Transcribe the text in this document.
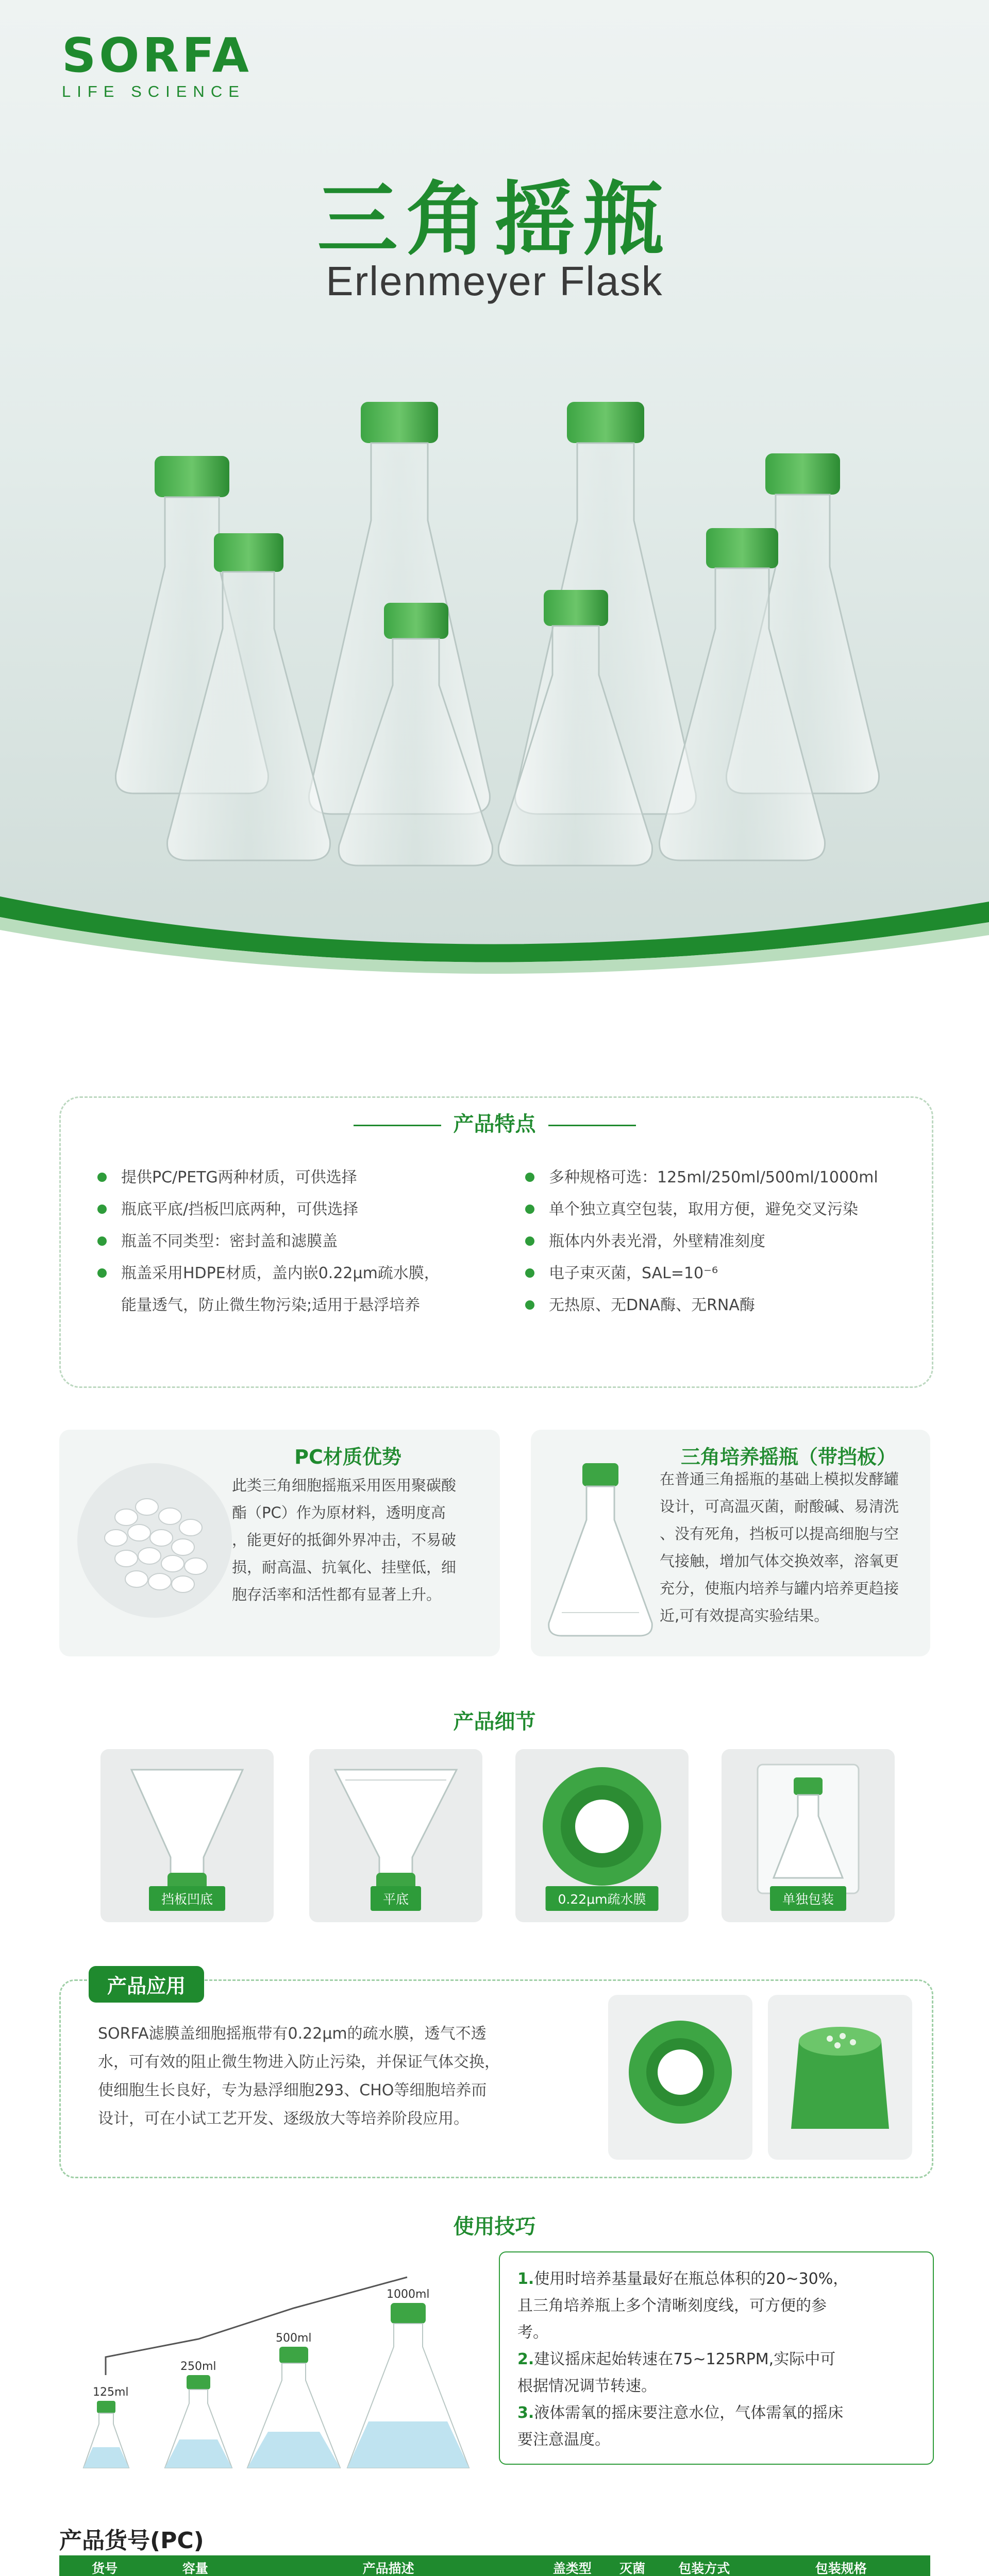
SORFA
LIFE SCIENCE
三角摇瓶
Erlenmeyer Flask
产品特点
提供PC/PETG两种材质，可供选择
瓶底平底/挡板凹底两种，可供选择
瓶盖不同类型：密封盖和滤膜盖
瓶盖采用HDPE材质，盖内嵌0.22μm疏水膜，
能量透气，防止微生物污染;适用于悬浮培养
多种规格可选：125ml/250ml/500ml/1000ml
单个独立真空包装，取用方便，避免交叉污染
瓶体内外表光滑，外壁精准刻度
电子束灭菌，SAL=10⁻⁶
无热原、无DNA酶、无RNA酶
PC材质优势

此类三角细胞摇瓶采用医用聚碳酸

酯（PC）作为原材料，透明度高

，能更好的抵御外界冲击，不易破

损，耐高温、抗氧化、挂壁低，细

胞存活率和活性都有显著上升。

三角培养摇瓶（带挡板）

在普通三角摇瓶的基础上模拟发酵罐

设计，可高温灭菌，耐酸碱、易清洗

、没有死角，挡板可以提高细胞与空

气接触，增加气体交换效率，溶氧更

充分，使瓶内培养与罐内培养更趋接

近,可有效提高实验结果。

产品细节
挡板凹底	平底	0.22μm疏水膜	单独包装
产品应用
SORFA滤膜盖细胞摇瓶带有0.22μm的疏水膜，透气不透
水，可有效的阻止微生物进入防止污染，并保证气体交换，
使细胞生长良好，专为悬浮细胞293、CHO等细胞培养而
设计，可在小试工艺开发、逐级放大等培养阶段应用。
使用技巧
125ml
250ml
500ml
1000ml
1.使用时培养基量最好在瓶总体积的20~30%，
且三角培养瓶上多个清晰刻度线，可方便的参
考。
2.建议摇床起始转速在75~125RPM,实际中可
根据情况调节转速。
3.液体需氧的摇床要注意水位，气体需氧的摇床
要注意温度。
产品货号(PC)
货号	容量	产品描述	盖类型	灭菌	包装方式	包装规格
